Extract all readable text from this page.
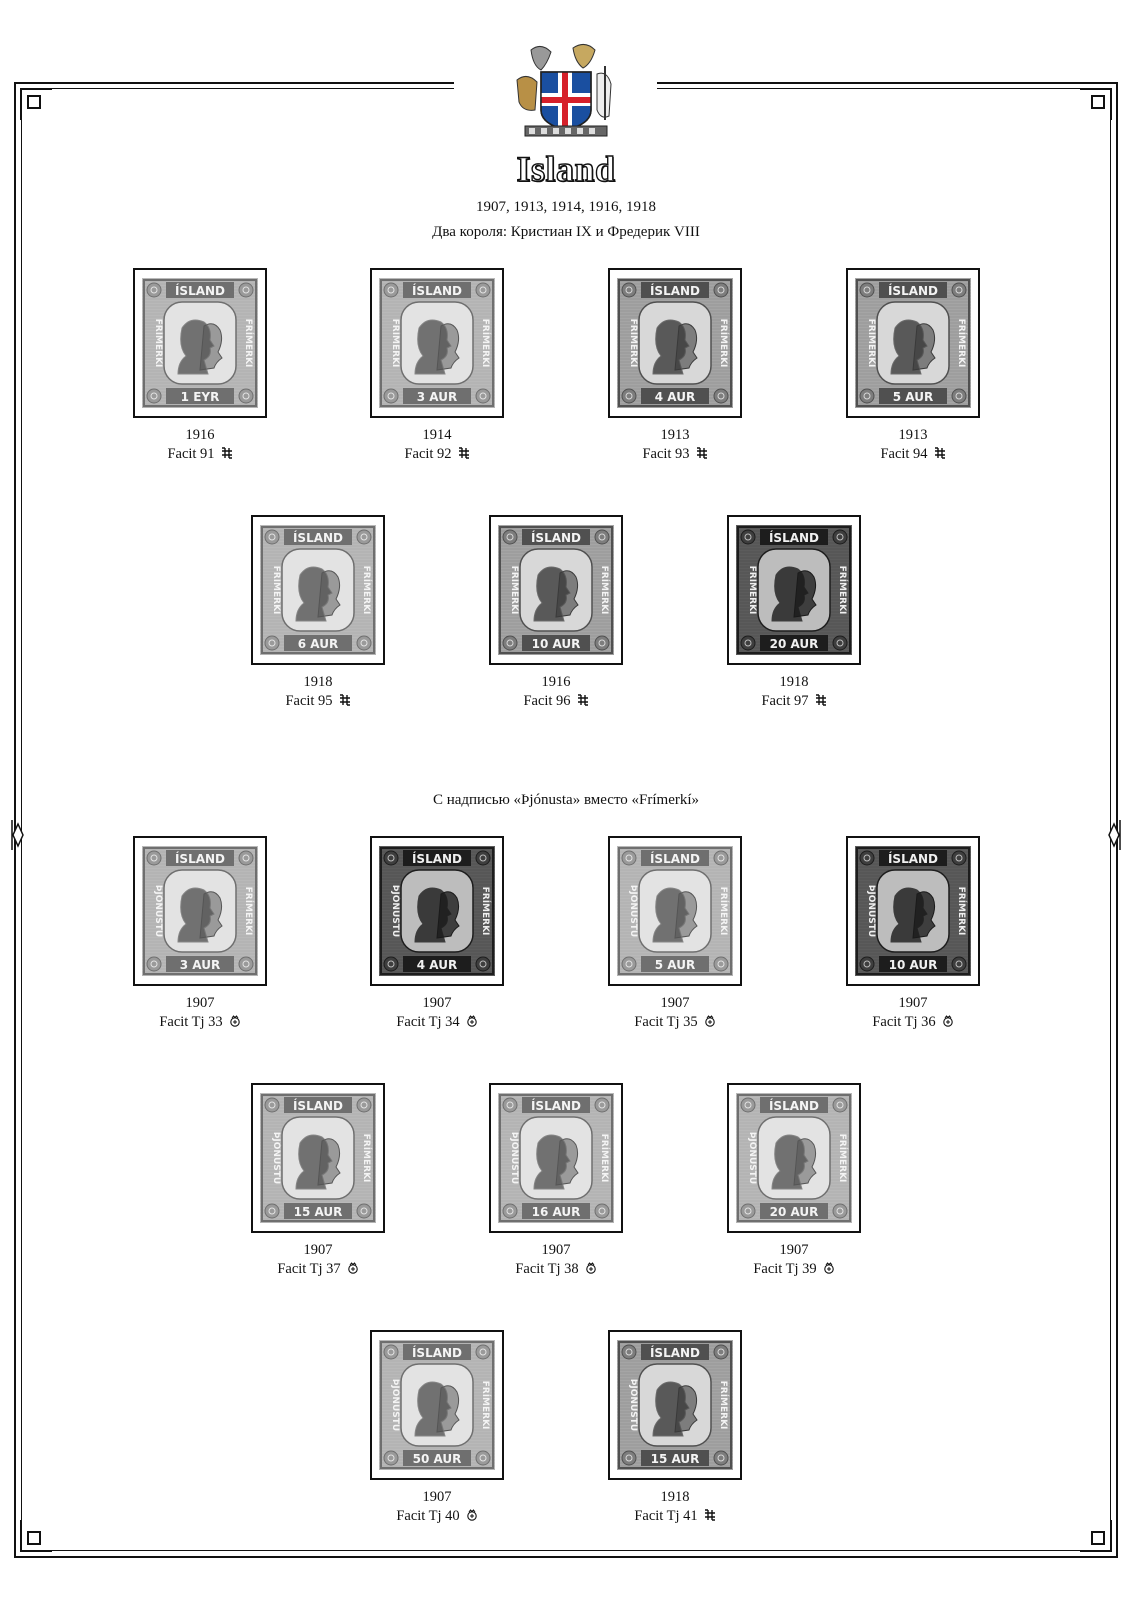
Island
1907, 1913, 1914, 1916, 1918
Два короля: Кристиан IX и Фредерик VIII
С надписью «Þjónusta» вместо «Frímerkí»
ÍSLAND
1 EYR
FRÍMERKI	FRÍMERKI
1916
Facit 91
ÍSLAND
3 AUR
FRÍMERKI	FRÍMERKI
1914
Facit 92
ÍSLAND
4 AUR
FRÍMERKI	FRÍMERKI
1913
Facit 93
ÍSLAND
5 AUR
FRÍMERKI	FRÍMERKI
1913
Facit 94
ÍSLAND
6 AUR
FRÍMERKI	FRÍMERKI
1918
Facit 95
ÍSLAND
10 AUR
FRÍMERKI	FRÍMERKI
1916
Facit 96
ÍSLAND
20 AUR
FRÍMERKI	FRÍMERKI
1918
Facit 97
ÍSLAND
3 AUR
ÞJÓNUSTU	FRÍMERKI
1907
Facit Tj 33
ÍSLAND
4 AUR
ÞJÓNUSTU	FRÍMERKI
1907
Facit Tj 34
ÍSLAND
5 AUR
ÞJÓNUSTU	FRÍMERKI
1907
Facit Tj 35
ÍSLAND
10 AUR
ÞJÓNUSTU	FRÍMERKI
1907
Facit Tj 36
ÍSLAND
15 AUR
ÞJÓNUSTU	FRÍMERKI
1907
Facit Tj 37
ÍSLAND
16 AUR
ÞJÓNUSTU	FRÍMERKI
1907
Facit Tj 38
ÍSLAND
20 AUR
ÞJÓNUSTU	FRÍMERKI
1907
Facit Tj 39
ÍSLAND
50 AUR
ÞJÓNUSTU	FRÍMERKI
1907
Facit Tj 40
ÍSLAND
15 AUR
ÞJÓNUSTU	FRÍMERKI
1918
Facit Tj 41
